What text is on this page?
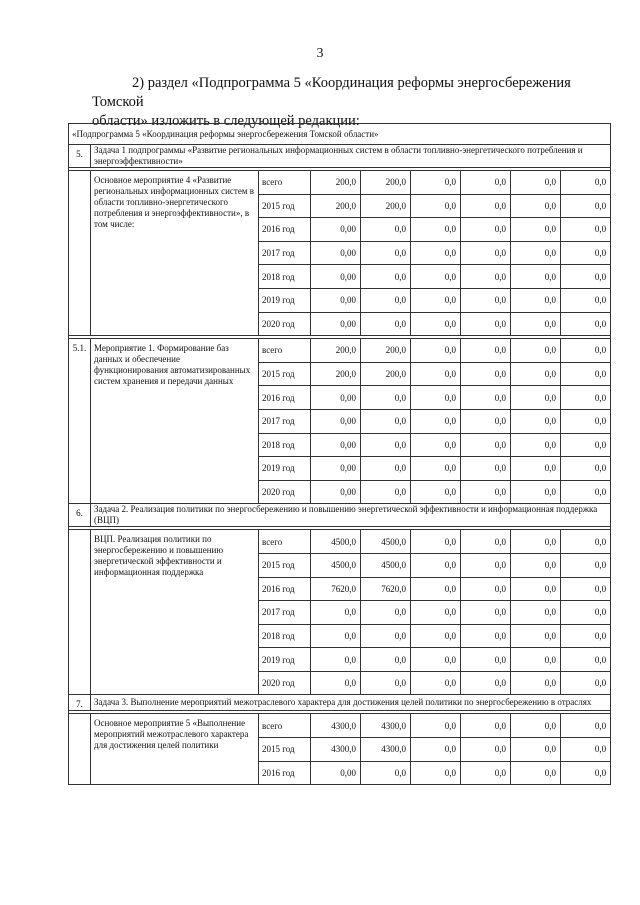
3
2) раздел «Подпрограмма 5 «Координация реформы энергосбережения Томской
области» изложить в следующей редакции:
«Подпрограмма 5 «Координация реформы энергосбережения Томской области»								
5.	Задача 1 подпрограммы «Развитие региональных информационных систем в области топливно-энергетического потребления и энергоэффективности»							

	Основное мероприятие 4 «Развитие региональных информационных систем в области топливно-энергетического потребления и энергоэффективности», в том числе:	всего	200,0	200,0	0,0	0,0	0,0	0,0
		2015 год	200,0	200,0	0,0	0,0	0,0	0,0
		2016 год	0,00	0,0	0,0	0,0	0,0	0,0
		2017 год	0,00	0,0	0,0	0,0	0,0	0,0
		2018 год	0,00	0,0	0,0	0,0	0,0	0,0
		2019 год	0,00	0,0	0,0	0,0	0,0	0,0
		2020 год	0,00	0,0	0,0	0,0	0,0	0,0

5.1.	Мероприятие 1. Формирование баз данных и обеспечение функционирования автоматизированных систем хранения и передачи данных	всего	200,0	200,0	0,0	0,0	0,0	0,0
		2015 год	200,0	200,0	0,0	0,0	0,0	0,0
		2016 год	0,00	0,0	0,0	0,0	0,0	0,0
		2017 год	0,00	0,0	0,0	0,0	0,0	0,0
		2018 год	0,00	0,0	0,0	0,0	0,0	0,0
		2019 год	0,00	0,0	0,0	0,0	0,0	0,0
		2020 год	0,00	0,0	0,0	0,0	0,0	0,0
6.	Задача 2. Реализация политики по энергосбережению и повышению энергетической эффективности и информационная поддержка (ВЦП)							

	ВЦП. Реализация политики по энергосбережению и повышению энергетической эффективности и информационная поддержка	всего	4500,0	4500,0	0,0	0,0	0,0	0,0
		2015 год	4500,0	4500,0	0,0	0,0	0,0	0,0
		2016 год	7620,0	7620,0	0,0	0,0	0,0	0,0
		2017 год	0,0	0,0	0,0	0,0	0,0	0,0
		2018 год	0,0	0,0	0,0	0,0	0,0	0,0
		2019 год	0,0	0,0	0,0	0,0	0,0	0,0
		2020 год	0,0	0,0	0,0	0,0	0,0	0,0
7.	Задача 3. Выполнение мероприятий межотраслевого характера для достижения целей политики по энергосбережению в отраслях							

	Основное мероприятие 5 «Выполнение мероприятий межотраслевого характера для достижения целей политики	всего	4300,0	4300,0	0,0	0,0	0,0	0,0
		2015 год	4300,0	4300,0	0,0	0,0	0,0	0,0
		2016 год	0,00	0,0	0,0	0,0	0,0	0,0
